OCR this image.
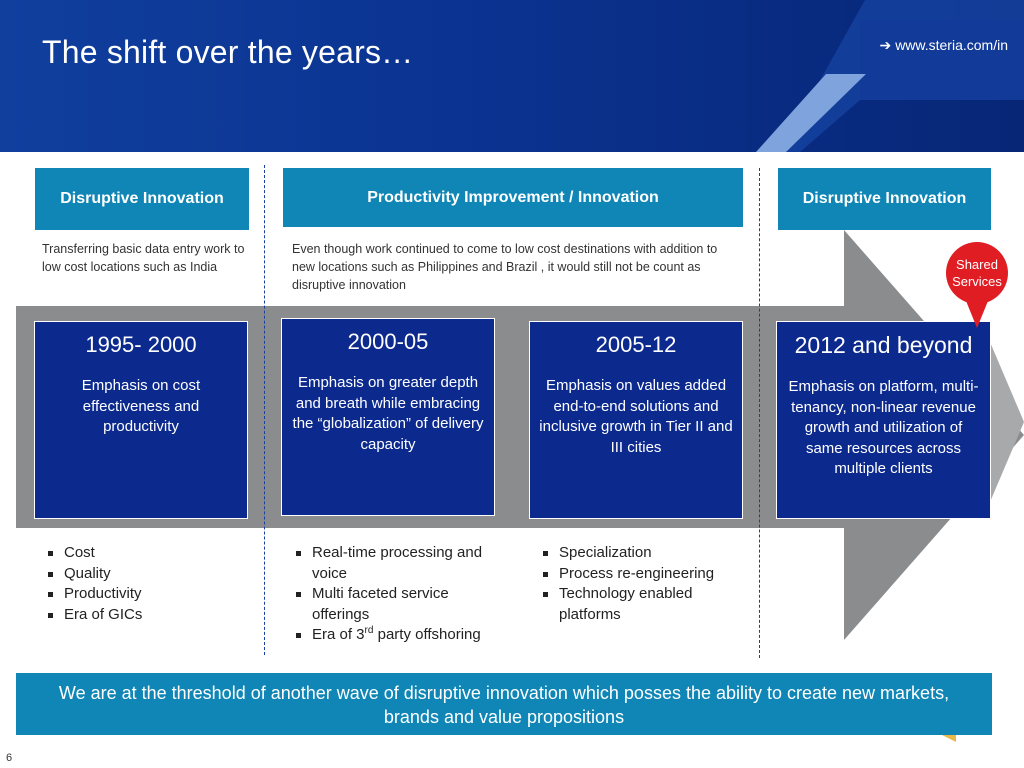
The shift over the years…	➔ www.steria.com/in
Disruptive Innovation	Productivity Improvement / Innovation	Disruptive Innovation
Transferring basic data entry work to low cost locations such as India
Even though work continued to come to low cost destinations with addition to new locations such as Philippines and Brazil , it would still not be count as disruptive innovation
1995- 2000
Emphasis on cost effectiveness and productivity
2000-05
Emphasis on greater depth and breath while embracing the “globalization” of delivery capacity
2005-12
Emphasis on values added end-to-end solutions and inclusive growth in Tier II and III cities
2012 and beyond
Emphasis on platform, multi-tenancy, non-linear revenue growth and utilization of same resources across multiple clients
Shared
Services
Cost
Quality
Productivity
Era of GICs
Real-time processing and voice
Multi faceted service offerings
Era of 3rd party offshoring
Specialization
Process re-engineering
Technology enabled platforms
We are at the threshold of another wave of disruptive innovation which posses the ability to create new markets, brands and value propositions
6
